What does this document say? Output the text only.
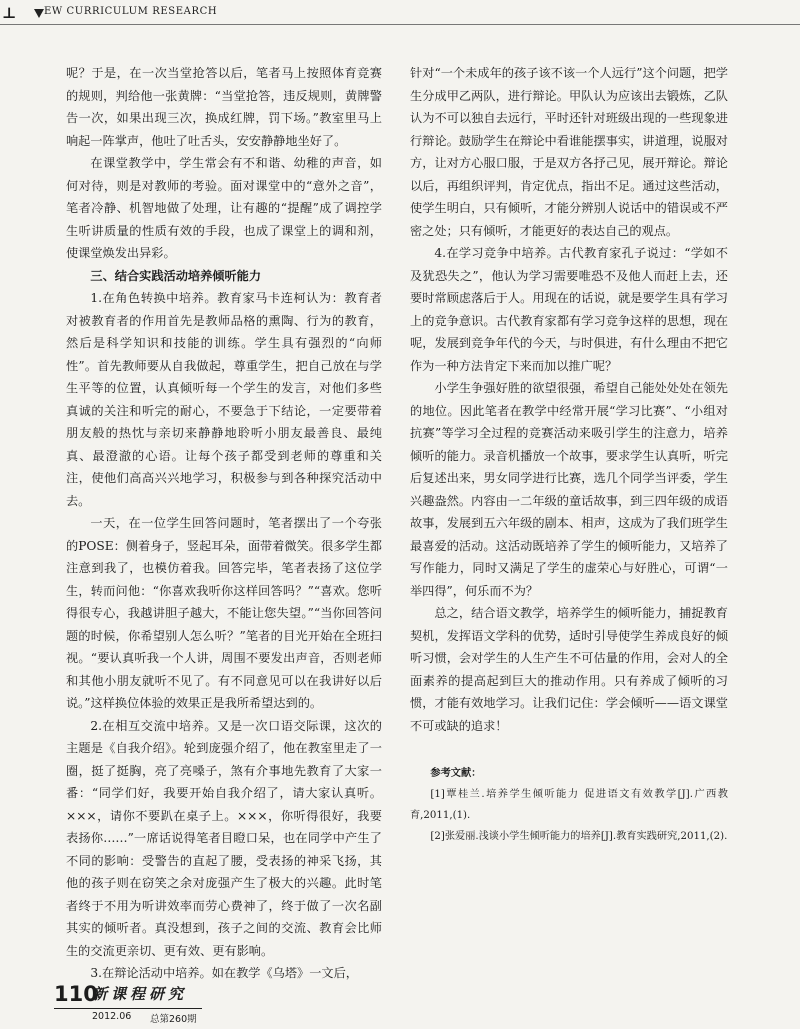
⊥	EW CURRICULUM RESEARCH

呢？于是，在一次当堂抢答以后，笔者马上按照体育竞赛的规则，判给他一张黄牌：“当堂抢答，违反规则，黄牌警告一次，如果出现三次，换成红牌，罚下场。”教室里马上响起一阵掌声，他吐了吐舌头，安安静静地坐好了。

在课堂教学中，学生常会有不和谐、幼稚的声音，如何对待，则是对教师的考验。面对课堂中的“意外之音”，笔者冷静、机智地做了处理，让有趣的“提醒”成了调控学生听讲质量的性质有效的手段，也成了课堂上的调和剂，使课堂焕发出异彩。

三、结合实践活动培养倾听能力

1.在角色转换中培养。教育家马卡连柯认为：教育者对被教育者的作用首先是教师品格的熏陶、行为的教育，然后是科学知识和技能的训练。学生具有强烈的“向师性”。首先教师要从自我做起，尊重学生，把自己放在与学生平等的位置，认真倾听每一个学生的发言，对他们多些真诚的关注和听完的耐心，不要急于下结论，一定要带着朋友般的热忱与亲切来静静地聆听小朋友最善良、最纯真、最澄澈的心语。让每个孩子都受到老师的尊重和关注，使他们高高兴兴地学习，积极参与到各种探究活动中去。

一天，在一位学生回答问题时，笔者摆出了一个夸张的POSE：侧着身子，竖起耳朵，面带着微笑。很多学生都注意到我了，也模仿着我。回答完毕，笔者表扬了这位学生，转而问他：“你喜欢我听你这样回答吗？”“喜欢。您听得很专心，我越讲胆子越大，不能让您失望。”“当你回答问题的时候，你希望别人怎么听？”笔者的目光开始在全班扫视。“要认真听我一个人讲，周围不要发出声音，否则老师和其他小朋友就听不见了。有不同意见可以在我讲好以后说。”这样换位体验的效果正是我所希望达到的。

2.在相互交流中培养。又是一次口语交际课，这次的主题是《自我介绍》。轮到庞强介绍了，他在教室里走了一圈，挺了挺胸，亮了亮嗓子，煞有介事地先教育了大家一番：“同学们好，我要开始自我介绍了，请大家认真听。×××，请你不要趴在桌子上。×××，你听得很好，我要表扬你……”一席话说得笔者目瞪口呆，也在同学中产生了不同的影响：受警告的直起了腰，受表扬的神采飞扬，其他的孩子则在窃笑之余对庞强产生了极大的兴趣。此时笔者终于不用为听讲效率而劳心费神了，终于做了一次名副其实的倾听者。真没想到，孩子之间的交流、教育会比师生的交流更亲切、更有效、更有影响。

3.在辩论活动中培养。如在教学《乌塔》一文后，

针对“一个未成年的孩子该不该一个人远行”这个问题，把学生分成甲乙两队，进行辩论。甲队认为应该出去锻炼，乙队认为不可以独自去远行，平时还针对班级出现的一些现象进行辩论。鼓励学生在辩论中看谁能摆事实，讲道理，说服对方，让对方心服口服，于是双方各抒己见，展开辩论。辩论以后，再组织评判，肯定优点，指出不足。通过这些活动，使学生明白，只有倾听，才能分辨别人说话中的错误或不严密之处；只有倾听，才能更好的表达自己的观点。

4.在学习竞争中培养。古代教育家孔子说过：“学如不及犹恐失之”，他认为学习需要唯恐不及他人而赶上去，还要时常顾虑落后于人。用现在的话说，就是要学生具有学习上的竞争意识。古代教育家都有学习竞争这样的思想，现在呢，发展到竞争年代的今天，与时俱进，有什么理由不把它作为一种方法肯定下来而加以推广呢？

小学生争强好胜的欲望很强，希望自己能处处处在领先的地位。因此笔者在教学中经常开展“学习比赛”、“小组对抗赛”等学习全过程的竞赛活动来吸引学生的注意力，培养倾听的能力。录音机播放一个故事，要求学生认真听，听完后复述出来，男女同学进行比赛，选几个同学当评委，学生兴趣盎然。内容由一二年级的童话故事，到三四年级的成语故事，发展到五六年级的剧本、相声，这成为了我们班学生最喜爱的活动。这活动既培养了学生的倾听能力，又培养了写作能力，同时又满足了学生的虚荣心与好胜心，可谓“一举四得”，何乐而不为？

总之，结合语文教学，培养学生的倾听能力，捕捉教育契机，发挥语文学科的优势，适时引导使学生养成良好的倾听习惯，会对学生的人生产生不可估量的作用，会对人的全面素养的提高起到巨大的推动作用。只有养成了倾听的习惯，才能有效地学习。让我们记住：学会倾听——语文课堂不可或缺的追求！

参考文献：

[1]覃桂兰.培养学生倾听能力 促进语文有效教学[J].广西教育,2011,(1).

[2]张爱丽.浅谈小学生倾听能力的培养[J].教育实践研究,2011,(2).

110
新课程研究
2012.06 总第260期
